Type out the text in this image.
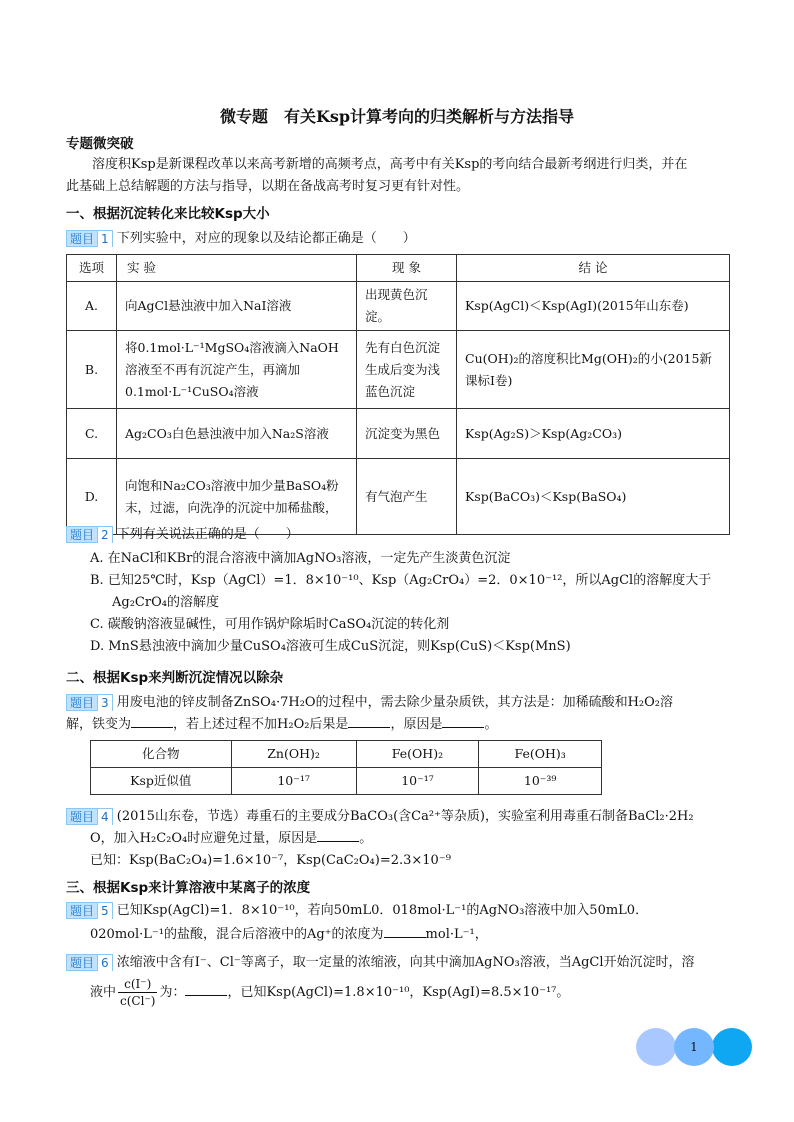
微专题　有关Ksp计算考向的归类解析与方法指导
专题微突破
溶度积Ksp是新课程改革以来高考新增的高频考点，高考中有关Ksp的考向结合最新考纲进行归类，并在
此基础上总结解题的方法与指导，以期在备战高考时复习更有针对性。
一、根据沉淀转化来比较Ksp大小
题目 1 下列实验中，对应的现象以及结论都正确是（　　）
选项	实 验	现 象	结 论
A.	向AgCl悬浊液中加入NaI溶液	出现黄色沉淀。	Ksp(AgCl)＜Ksp(AgI)(2015年山东卷)
B.	将0.1mol·L⁻¹MgSO₄溶液滴入NaOH溶液至不再有沉淀产生，再滴加0.1mol·L⁻¹CuSO₄溶液	先有白色沉淀生成后变为浅蓝色沉淀	Cu(OH)₂的溶度积比Mg(OH)₂的小(2015新课标Ⅰ卷)
C.	Ag₂CO₃白色悬浊液中加入Na₂S溶液	沉淀变为黑色	Ksp(Ag₂S)＞Ksp(Ag₂CO₃)
D.	向饱和Na₂CO₃溶液中加少量BaSO₄粉末，过滤，向洗净的沉淀中加稀盐酸，	有气泡产生	Ksp(BaCO₃)＜Ksp(BaSO₄)
题目 2 下列有关说法正确的是（　　）
A. 在NaCl和KBr的混合溶液中滴加AgNO₃溶液，一定先产生淡黄色沉淀
B. 已知25℃时，Ksp（AgCl）=1．8×10⁻¹⁰、Ksp（Ag₂CrO₄）=2．0×10⁻¹²，所以AgCl的溶解度大于
Ag₂CrO₄的溶解度
C. 碳酸钠溶液显碱性，可用作锅炉除垢时CaSO₄沉淀的转化剂
D. MnS悬浊液中滴加少量CuSO₄溶液可生成CuS沉淀，则Ksp(CuS)＜Ksp(MnS)
二、根据Ksp来判断沉淀情况以除杂
题目 3 用废电池的锌皮制备ZnSO₄·7H₂O的过程中，需去除少量杂质铁，其方法是：加稀硫酸和H₂O₂溶
解，铁变为	，若上述过程不加H₂O₂后果是	，原因是	。
化合物	Zn(OH)₂	Fe(OH)₂	Fe(OH)₃
Ksp近似值	10⁻¹⁷	10⁻¹⁷	10⁻³⁹
题目 4 (2015山东卷，节选）毒重石的主要成分BaCO₃(含Ca²⁺等杂质)，实验室利用毒重石制备BaCl₂·2H₂
O，加入H₂C₂O₄时应避免过量，原因是	。
已知：Ksp(BaC₂O₄)=1.6×10⁻⁷，Ksp(CaC₂O₄)=2.3×10⁻⁹
三、根据Ksp来计算溶液中某离子的浓度
题目 5 已知Ksp(AgCl)=1．8×10⁻¹⁰，若向50mL0．018mol·L⁻¹的AgNO₃溶液中加入50mL0．
020mol·L⁻¹的盐酸，混合后溶液中的Ag⁺的浓度为	mol·L⁻¹，
题目 6 浓缩液中含有I⁻、Cl⁻等离子，取一定量的浓缩液，向其中滴加AgNO₃溶液，当AgCl开始沉淀时，溶
液中 $\frac{c(I^-)}{c(Cl^-)}$ 为：	，已知Ksp(AgCl)=1.8×10⁻¹⁰，Ksp(AgI)=8.5×10⁻¹⁷。
1
